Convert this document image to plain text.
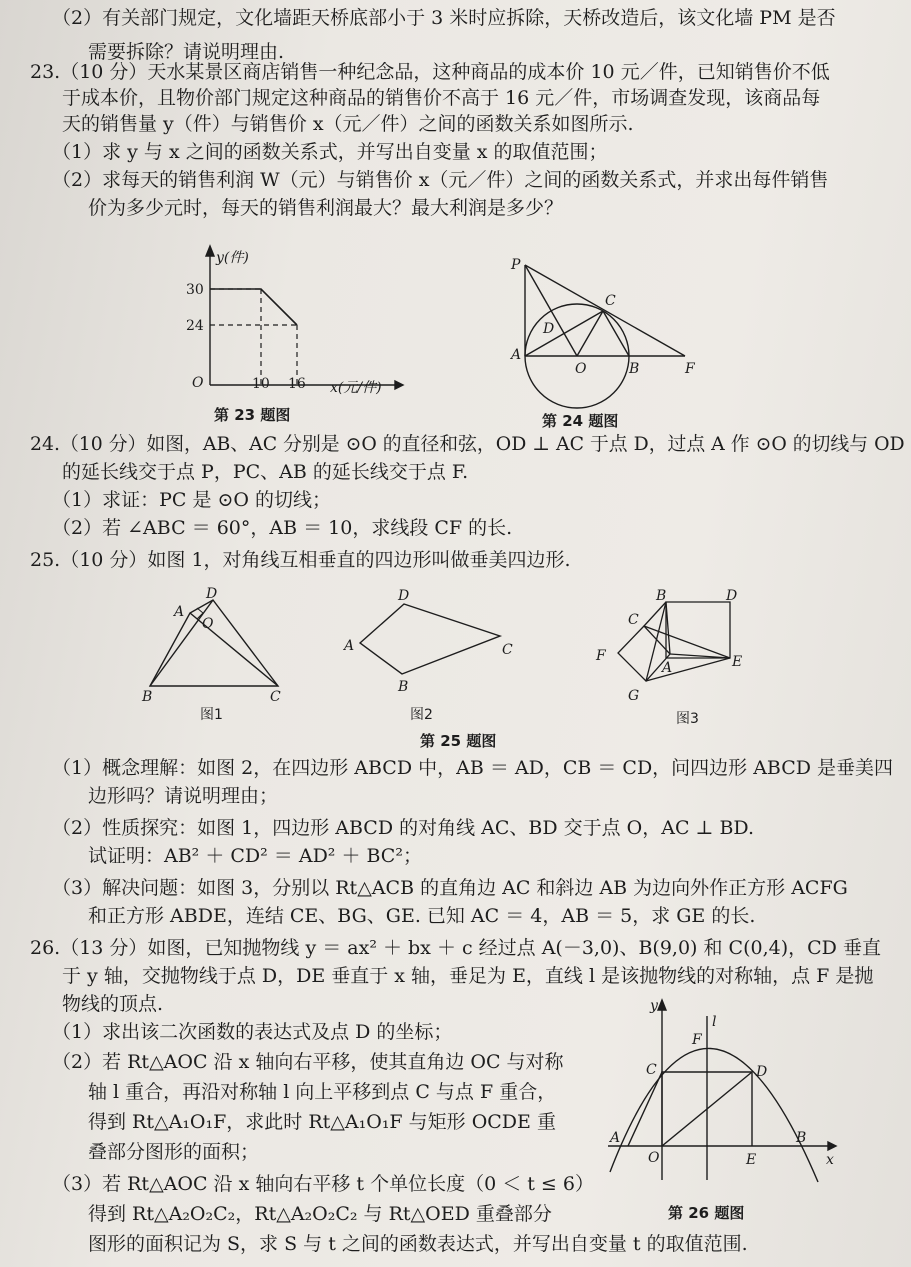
（2）有关部门规定，文化墙距天桥底部小于 3 米时应拆除，天桥改造后，该文化墙 PM 是否
需要拆除？请说明理由.
23.（10 分）天水某景区商店销售一种纪念品，这种商品的成本价 10 元／件，已知销售价不低
于成本价，且物价部门规定这种商品的销售价不高于 16 元／件，市场调查发现，该商品每
天的销售量 y（件）与销售价 x（元／件）之间的函数关系如图所示.
（1）求 y 与 x 之间的函数关系式，并写出自变量 x 的取值范围；
（2）求每天的销售利润 W（元）与销售价 x（元／件）之间的函数关系式，并求出每件销售
价为多少元时，每天的销售利润最大？最大利润是多少？
y(件)
x(元/件)
O
30
24
10 16
第 23 题图
P
C
D
A
O	B	F
第 24 题图
24.（10 分）如图，AB、AC 分别是 ⊙O 的直径和弦，OD ⊥ AC 于点 D，过点 A 作 ⊙O 的切线与 OD
的延长线交于点 P，PC、AB 的延长线交于点 F.
（1）求证：PC 是 ⊙O 的切线；
（2）若 ∠ABC ＝ 60°，AB ＝ 10，求线段 CF 的长.
25.（10 分）如图 1，对角线互相垂直的四边形叫做垂美四边形.
A
D
O
B	C
图1
A
D
B
C
图2
B	D
C
F
A	E
G
图3
第 25 题图
（1）概念理解：如图 2，在四边形 ABCD 中，AB ＝ AD，CB ＝ CD，问四边形 ABCD 是垂美四
边形吗？请说明理由；
（2）性质探究：如图 1，四边形 ABCD 的对角线 AC、BD 交于点 O，AC ⊥ BD.
试证明：AB² ＋ CD² ＝ AD² ＋ BC²；
（3）解决问题：如图 3，分别以 Rt△ACB 的直角边 AC 和斜边 AB 为边向外作正方形 ACFG
和正方形 ABDE，连结 CE、BG、GE. 已知 AC ＝ 4，AB ＝ 5，求 GE 的长.
26.（13 分）如图，已知抛物线 y ＝ ax² ＋ bx ＋ c 经过点 A(－3,0)、B(9,0) 和 C(0,4)，CD 垂直
于 y 轴，交抛物线于点 D，DE 垂直于 x 轴，垂足为 E，直线 l 是该抛物线的对称轴，点 F 是抛
物线的顶点.
（1）求出该二次函数的表达式及点 D 的坐标；
（2）若 Rt△AOC 沿 x 轴向右平移，使其直角边 OC 与对称
轴 l 重合，再沿对称轴 l 向上平移到点 C 与点 F 重合，
得到 Rt△A₁O₁F，求此时 Rt△A₁O₁F 与矩形 OCDE 重
叠部分图形的面积；
（3）若 Rt△AOC 沿 x 轴向右平移 t 个单位长度（0 ＜ t ≤ 6）
得到 Rt△A₂O₂C₂，Rt△A₂O₂C₂ 与 Rt△OED 重叠部分
图形的面积记为 S，求 S 与 t 之间的函数表达式，并写出自变量 t 的取值范围.
y
l
F
C	D
A
O	E
B
x
第 26 题图
